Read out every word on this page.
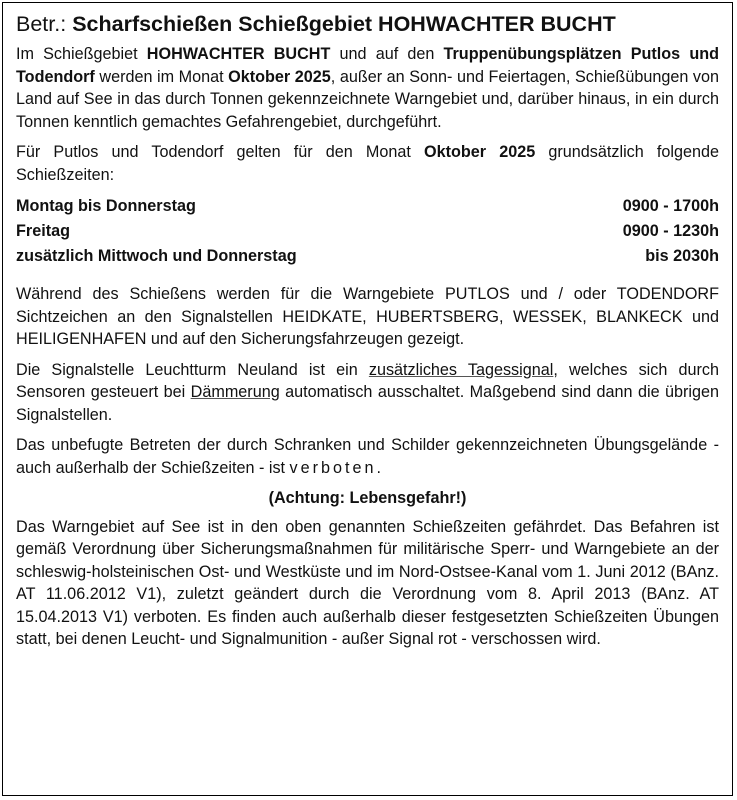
Betr.: Scharfschießen Schießgebiet HOHWACHTER BUCHT

Im Schießgebiet HOHWACHTER BUCHT und auf den Truppenübungsplätzen Putlos und Todendorf werden im Monat Oktober 2025, außer an Sonn- und Feiertagen, Schießübungen von Land auf See in das durch Tonnen gekennzeichnete Warngebiet und, darüber hinaus, in ein durch Tonnen kenntlich gemachtes Gefahrengebiet, durchgeführt.

Für Putlos und Todendorf gelten für den Monat Oktober 2025 grundsätzlich folgende Schießzeiten:

Montag bis Donnerstag	0900 - 1700h
Freitag	0900 - 1230h
zusätzlich Mittwoch und Donnerstag	bis 2030h

Während des Schießens werden für die Warngebiete PUTLOS und / oder TODENDORF Sichtzeichen an den Signalstellen HEIDKATE, HUBERTSBERG, WESSEK, BLANKECK und HEILIGENHAFEN und auf den Sicherungsfahrzeugen gezeigt.

Die Signalstelle Leuchtturm Neuland ist ein zusätzliches Tagessignal, welches sich durch Sensoren gesteuert bei Dämmerung automatisch ausschaltet. Maßgebend sind dann die übrigen Signalstellen.

Das unbefugte Betreten der durch Schranken und Schilder gekennzeichneten Übungsgelände - auch außerhalb der Schießzeiten - ist verboten.

(Achtung: Lebensgefahr!)

Das Warngebiet auf See ist in den oben genannten Schießzeiten gefährdet. Das Befahren ist gemäß Verordnung über Sicherungsmaßnahmen für militärische Sperr- und Warngebiete an der schleswig-holsteinischen Ost- und Westküste und im Nord-Ostsee-Kanal vom 1. Juni 2012 (BAnz. AT 11.06.2012 V1), zuletzt geändert durch die Verordnung vom 8. April 2013 (BAnz. AT 15.04.2013 V1) verboten. Es finden auch außerhalb dieser festgesetzten Schießzeiten Übungen statt, bei denen Leucht- und Signalmunition - außer Signal rot - verschossen wird.
